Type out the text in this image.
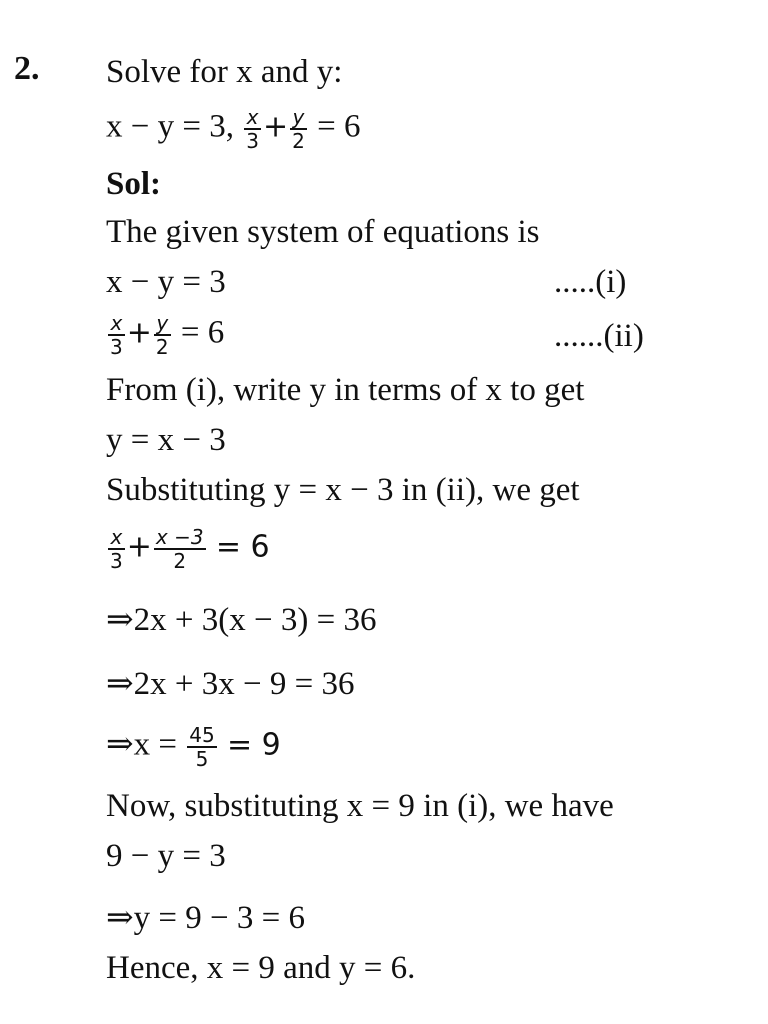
2. Solve for x and y:
x − y = 3, $\frac{x}{3} + \frac{y}{2} = 6$
Sol:
The given system of equations is
x − y = 3	.....(i)
$\frac{x}{3} + \frac{y}{2} = 6$	......(ii)
From (i), write y in terms of x to get
y = x − 3
Substituting y = x − 3 in (ii), we get
$\frac{x}{3} + \frac{x -3}{2} = 6$
⇒2x + 3(x − 3) = 36
⇒2x + 3x − 9 = 36
⇒x = $\frac{45}{5} = 9$
Now, substituting x = 9 in (i), we have
9 − y = 3
⇒y = 9 − 3 = 6
Hence, x = 9 and y = 6.
